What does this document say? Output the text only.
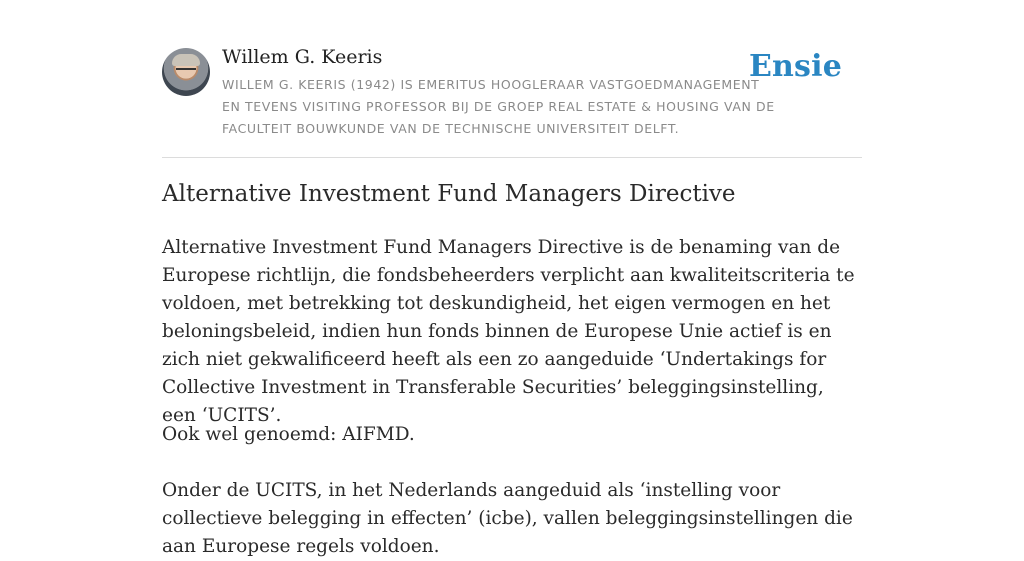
Willem G. Keeris
WILLEM G. KEERIS (1942) IS EMERITUS HOOGLERAAR VASTGOEDMANAGEMENT EN TEVENS VISITING PROFESSOR BIJ DE GROEP REAL ESTATE & HOUSING VAN DE FACULTEIT BOUWKUNDE VAN DE TECHNISCHE UNIVERSITEIT DELFT.
Ensie
Alternative Investment Fund Managers Directive

Alternative Investment Fund Managers Directive is de benaming van de Europese richtlijn, die fondsbeheerders verplicht aan kwaliteitscriteria te voldoen, met betrekking tot deskundigheid, het eigen vermogen en het beloningsbeleid, indien hun fonds binnen de Europese Unie actief is en zich niet gekwalificeerd heeft als een zo aangeduide ‘Undertakings for Collective Investment in Transferable Securities’ beleggingsinstelling, een ‘UCITS’.

Ook wel genoemd: AIFMD.

Onder de UCITS, in het Nederlands aangeduid als ‘instelling voor collectieve belegging in effecten’ (icbe), vallen beleggingsinstellingen die aan Europese regels voldoen.
